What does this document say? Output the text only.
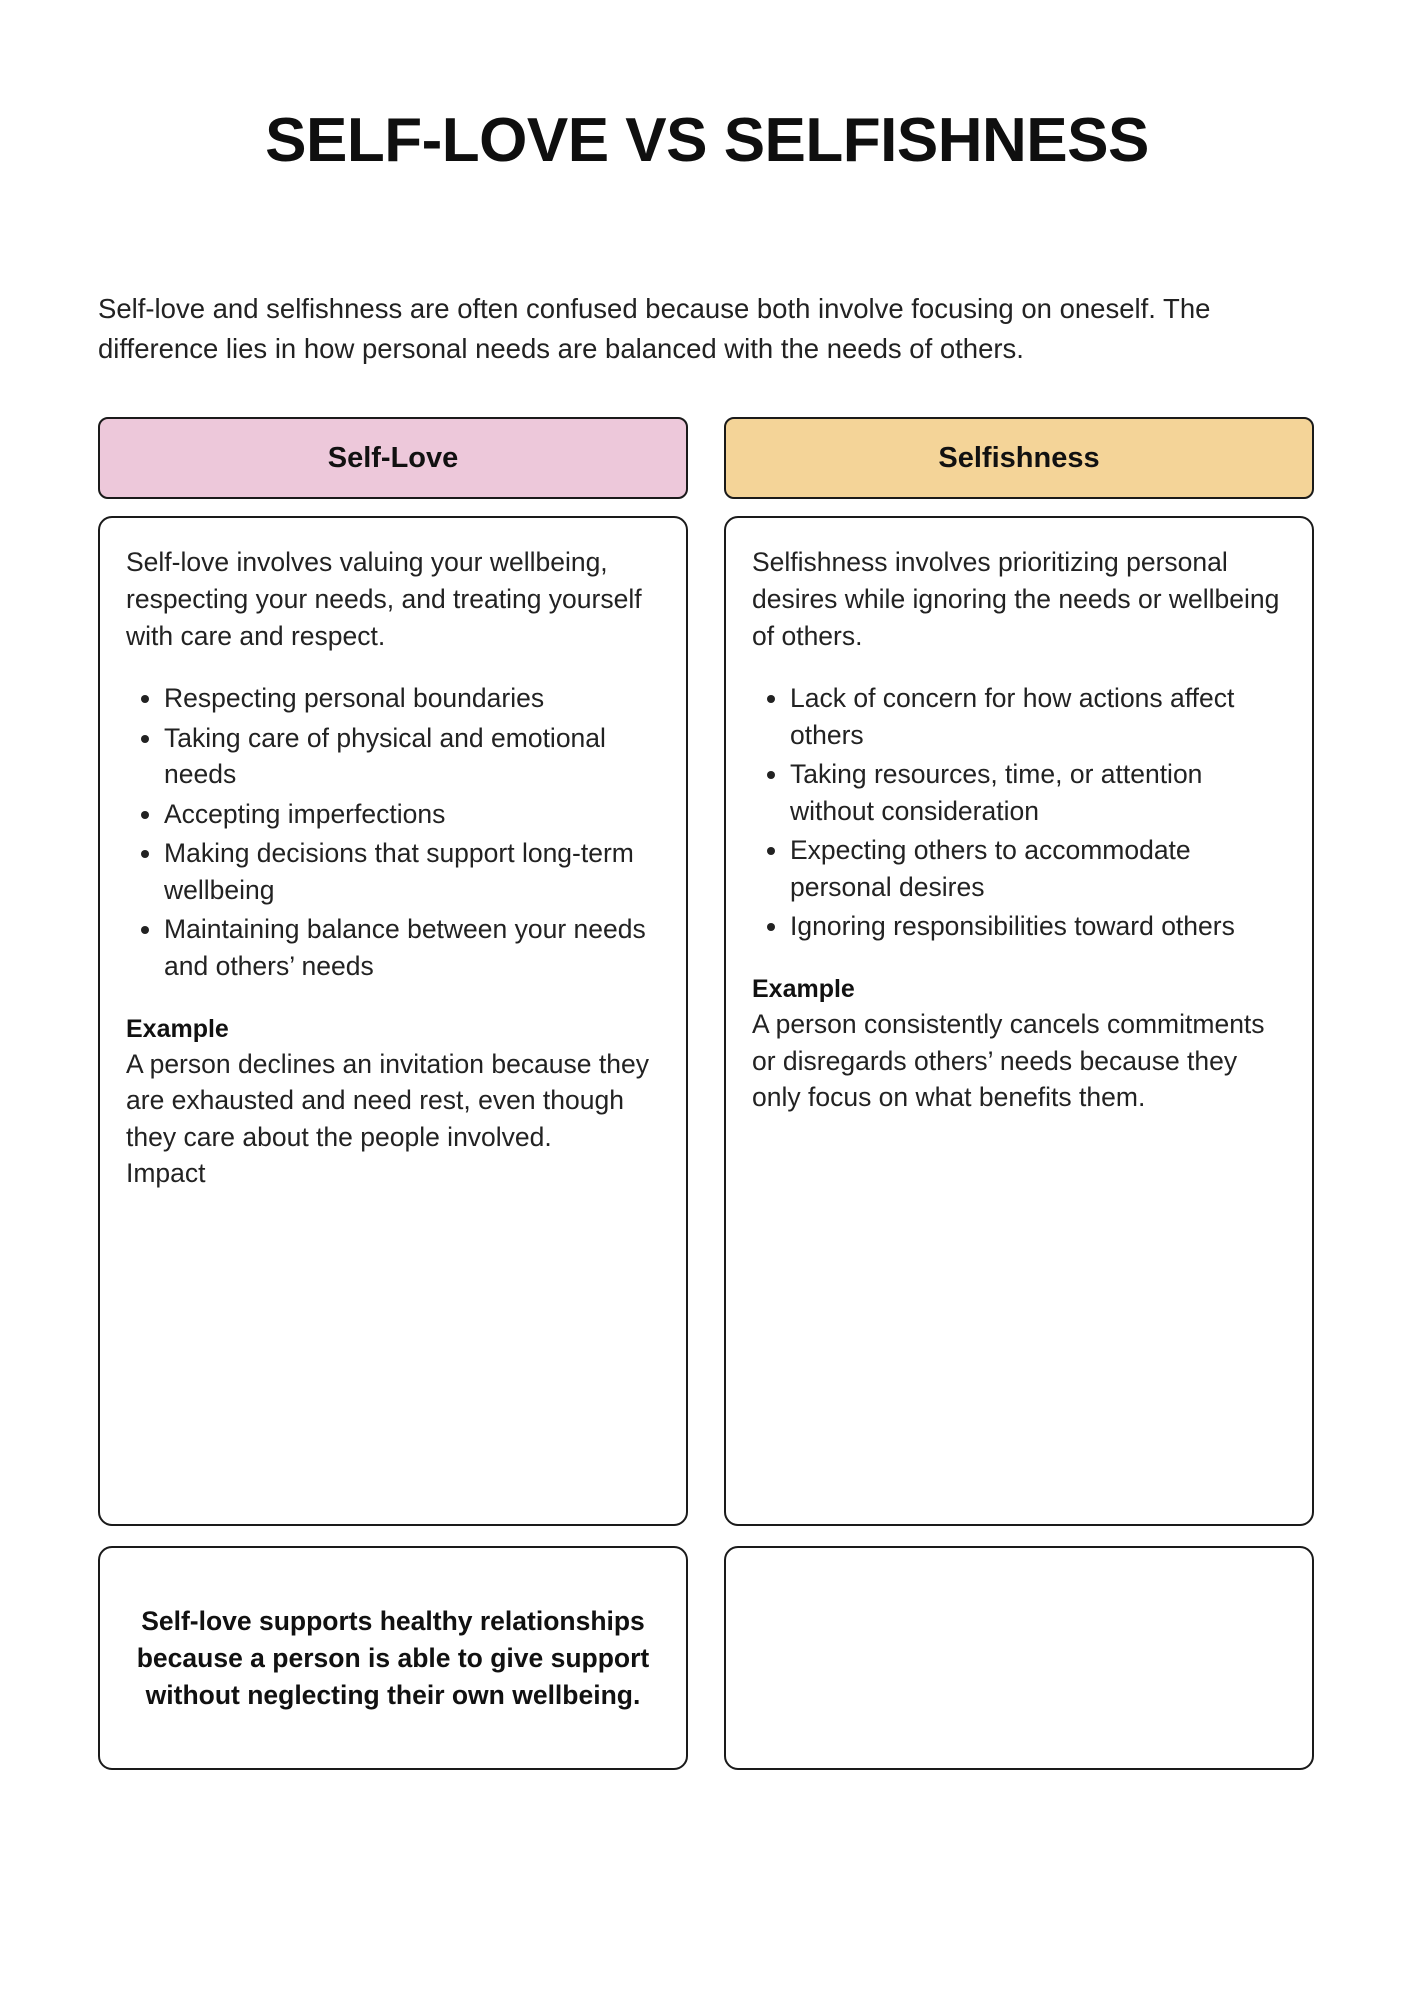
SELF-LOVE VS SELFISHNESS

Self-love and selfishness are often confused because both involve focusing on oneself. The difference lies in how personal needs are balanced with the needs of others.

Self-Love

Self-love involves valuing your wellbeing, respecting your needs, and treating yourself with care and respect.

• Respecting personal boundaries
• Taking care of physical and emotional needs
• Accepting imperfections
• Making decisions that support long-term wellbeing
• Maintaining balance between your needs and others’ needs
Example

A person declines an invitation because they are exhausted and need rest, even though they care about the people involved.

Impact

Selfishness

Selfishness involves prioritizing personal desires while ignoring the needs or wellbeing of others.

• Lack of concern for how actions affect others
• Taking resources, time, or attention without consideration
• Expecting others to accommodate personal desires
• Ignoring responsibilities toward others
Example

A person consistently cancels commitments or disregards others’ needs because they only focus on what benefits them.

Self-love supports healthy relationships because a person is able to give support without neglecting their own wellbeing.
